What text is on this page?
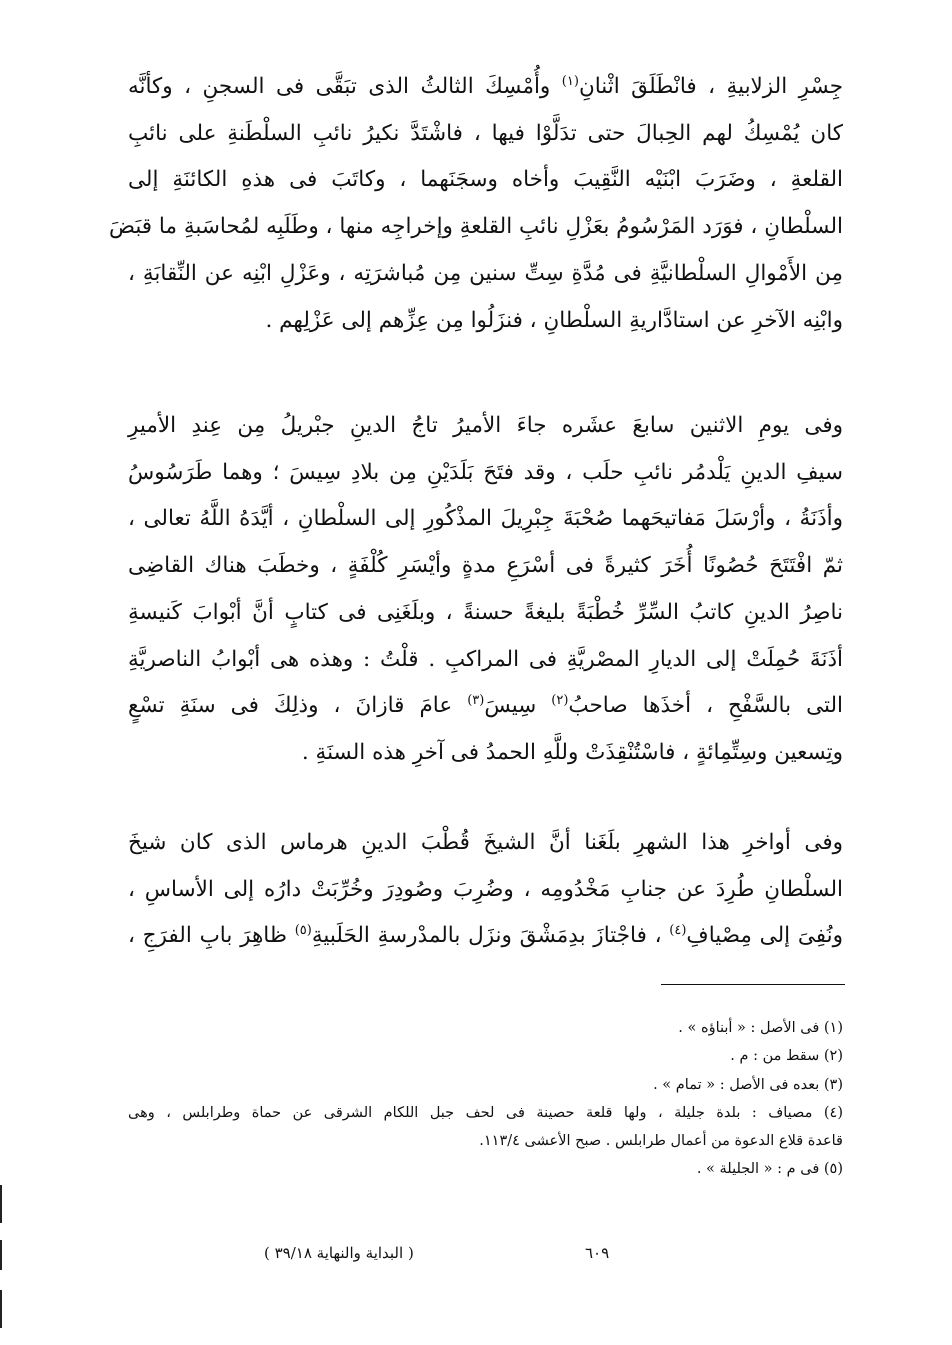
جِسْرِ الزلابيةِ ، فانْطَلَقَ اثْنانِ$^{(١)}$ وأُمْسِكَ الثالثُ الذى تبَقَّى فى السجنِ ، وكأنَّه
كان يُمْسِكُ لهم الحِبالَ حتى تدَلَّوْا فيها ، فاشْتَدَّ نكيرُ نائبِ السلْطَنةِ على نائبِ
القلعةِ ، وضَرَبَ ابْنَيْه النَّقِيبَ وأخاه وسجَنَهما ، وكاتَبَ فى هذهِ الكائنَةِ إلى
السلْطانِ ، فوَرَد المَرْسُومُ بعَزْلِ نائبِ القلعةِ وإخراجِه منها ، وطَلَبِه لمُحاسَبةِ ما قبَضَ
مِن الأَمْوالِ السلْطانيَّةِ فى مُدَّةِ سِتِّ سنين مِن مُباشرَتِه ، وعَزْلِ ابْنِه عن النِّقابَةِ ،
وابْنِه الآخرِ عن استادَّاريةِ السلْطانِ ، فنزَلُوا مِن عِزِّهم إلى عَزْلِهم .
وفى يومِ الاثنين سابعَ عشَره جاءَ الأميرُ تاجُ الدينِ جبْريلُ مِن عِندِ الأميرِ
سيفِ الدينِ يَلْدمُر نائبِ حلَب ، وقد فتَحَ بَلَدَيْنِ مِن بلادِ سِيسَ ؛ وهما طَرَسُوسُ
وأذَنَةُ ، وأرْسَلَ مَفاتيحَهما صُحْبَةَ جِبْرِيلَ المذْكُورِ إلى السلْطانِ ، أيَّدَهُ اللَّهُ تعالى ،
ثمّ افْتَتَحَ حُصُونًا أُخَرَ كثيرةً فى أسْرَعِ مدةٍ وأيْسَرِ كُلْفَةٍ ، وخطَبَ هناك القاضِى
ناصِرُ الدينِ كاتبُ السِّرِّ خُطْبَةً بليغةً حسنةً ، وبلَغَنِى فى كتابٍ أنَّ أبْوابَ كَنيسةِ
أذَنَةَ حُمِلَتْ إلى الديارِ المصْريَّةِ فى المراكبِ . قلْتُ : وهذه هى أبْوابُ الناصريَّةِ
التى بالسَّفْحِ ، أخذَها صاحبُ$^{(٢)}$ سِيسَ$^{(٣)}$ عامَ قازانَ ، وذلِكَ فى سنَةِ تسْعٍ
وتِسعين وسِتِّمِائةٍ ، فاسْتُنْقِذَتْ وللَّهِ الحمدُ فى آخرِ هذه السنَةِ .
وفى أواخرِ هذا الشهرِ بلَغَنا أنَّ الشيخَ قُطْبَ الدينِ هرماس الذى كان شيخَ
السلْطانِ طُرِدَ عن جنابِ مَخْدُومِه ، وضُرِبَ وصُودِرَ وخُرِّبَتْ دارُه إلى الأساسِ ،
ونُفِىَ إلى مِصْيافِ$^{(٤)}$ ، فاجْتازَ بدِمَشْقَ ونزَل بالمدْرسةِ الحَلَبيةِ$^{(٥)}$ ظاهِرَ بابِ الفرَجِ ،
(١) فى الأصل : « أبناؤه » .
(٢) سقط من : م .
(٣) بعده فى الأصل : « تمام » .
(٤) مصياف : بلدة جليلة ، ولها قلعة حصينة فى لحف جبل اللكام الشرقى عن حماة وطرابلس ، وهى
قاعدة قلاع الدعوة من أعمال طرابلس . صبح الأعشى ١١٣/٤.
(٥) فى م : « الجليلة » .
٦٠٩
( البداية والنهاية ٣٩/١٨ )
